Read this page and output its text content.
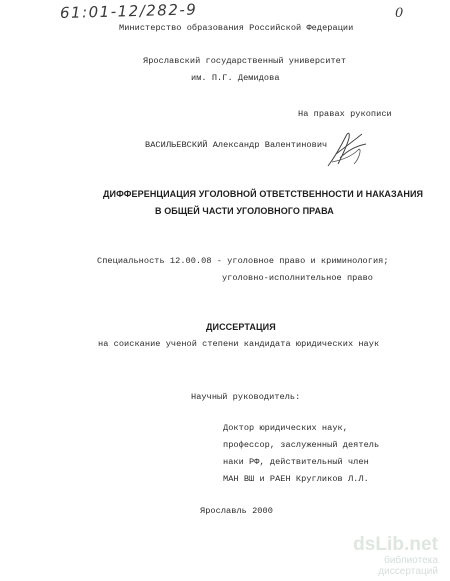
61:01-12/282-9	0
Министерство образования Российской Федерации
Ярославский государственный университет
им. П.Г. Демидова
На правах рукописи
ВАСИЛЬЕВСКИЙ Александр Валентинович
ДИФФЕРЕНЦИАЦИЯ УГОЛОВНОЙ ОТВЕТСТВЕННОСТИ И НАКАЗАНИЯ
В ОБЩЕЙ ЧАСТИ УГОЛОВНОГО ПРАВА
Специальность 12.00.08 - уголовное право и криминология;
уголовно-исполнительное право
ДИССЕРТАЦИЯ
на соискание ученой степени кандидата юридических наук
Научный руководитель:
Доктор юридических наук,
профессор, заслуженный деятель
наки РФ, действительный член
МАН ВШ и РАЕН Кругликов Л.Л.
Ярославль 2000
dsLib.net
библиотека диссертаций
